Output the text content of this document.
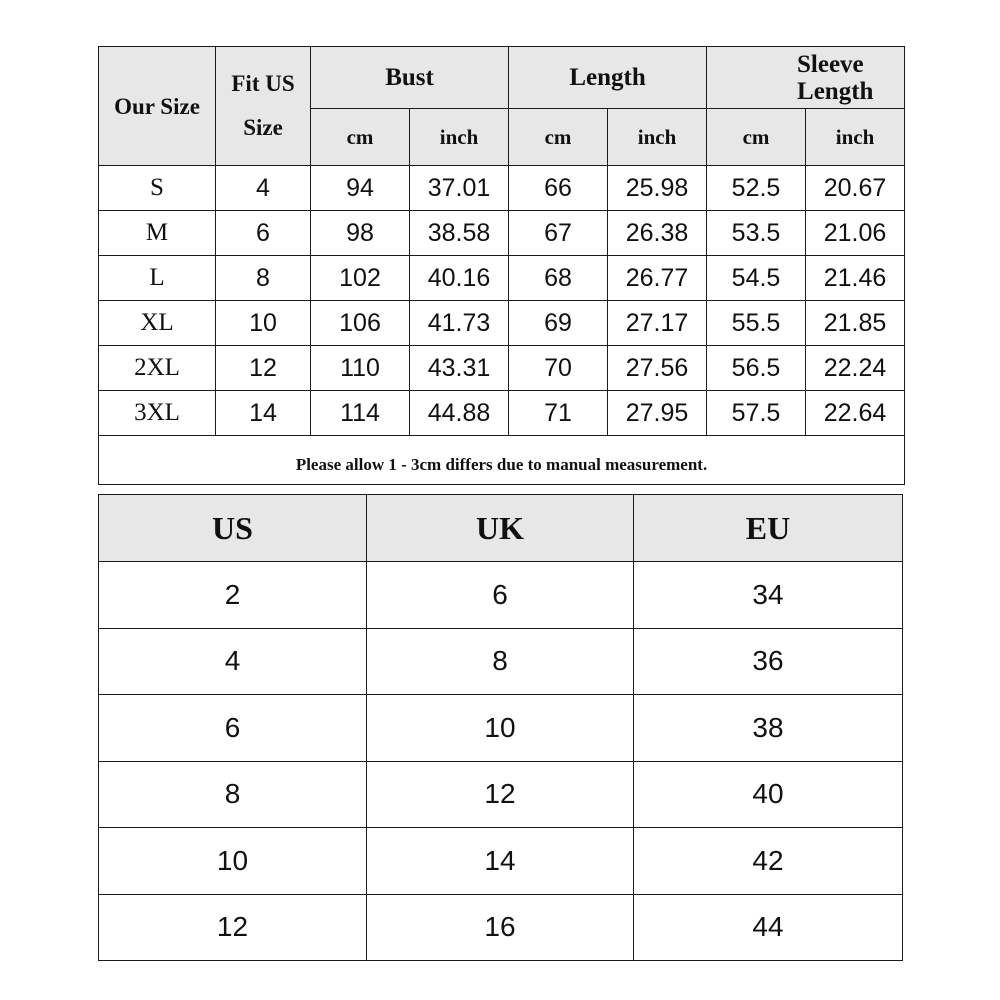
Our Size	Fit US Size	Bust		Length		Sleeve Length	
		cm	inch	cm	inch	cm	inch
S	4	94	37.01	66	25.98	52.5	20.67
M	6	98	38.58	67	26.38	53.5	21.06
L	8	102	40.16	68	26.77	54.5	21.46
XL	10	106	41.73	69	27.17	55.5	21.85
2XL	12	110	43.31	70	27.56	56.5	22.24
3XL	14	114	44.88	71	27.95	57.5	22.64
Please allow 1 - 3cm differs due to manual measurement.							
US	UK	EU
2	6	34
4	8	36
6	10	38
8	12	40
10	14	42
12	16	44
